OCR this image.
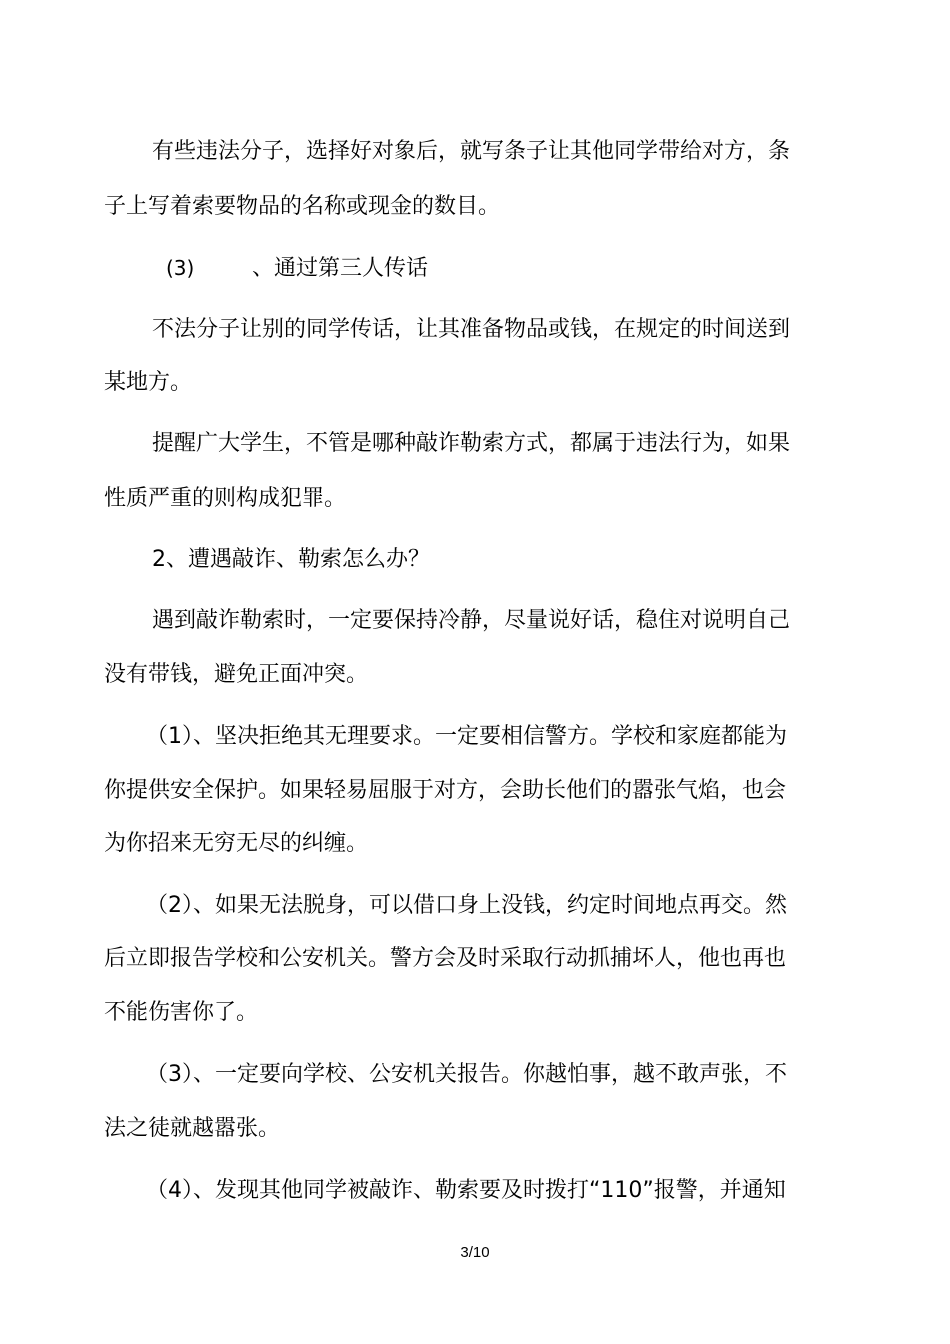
有些违法分子，选择好对象后，就写条子让其他同学带给对方，条
子上写着索要物品的名称或现金的数目。
(3)	、通过第三人传话
不法分子让别的同学传话，让其准备物品或钱，在规定的时间送到
某地方。
提醒广大学生，不管是哪种敲诈勒索方式，都属于违法行为，如果
性质严重的则构成犯罪。
2、遭遇敲诈、勒索怎么办？
遇到敲诈勒索时，一定要保持冷静，尽量说好话，稳住对说明自己
没有带钱，避免正面冲突。
（1）、坚决拒绝其无理要求。一定要相信警方。学校和家庭都能为
你提供安全保护。如果轻易屈服于对方，会助长他们的嚣张气焰，也会
为你招来无穷无尽的纠缠。
（2）、如果无法脱身，可以借口身上没钱，约定时间地点再交。然
后立即报告学校和公安机关。警方会及时采取行动抓捕坏人，他也再也
不能伤害你了。
（3）、一定要向学校、公安机关报告。你越怕事，越不敢声张，不
法之徒就越嚣张。
（4）、发现其他同学被敲诈、勒索要及时拨打“110”报警，并通知
3/10
